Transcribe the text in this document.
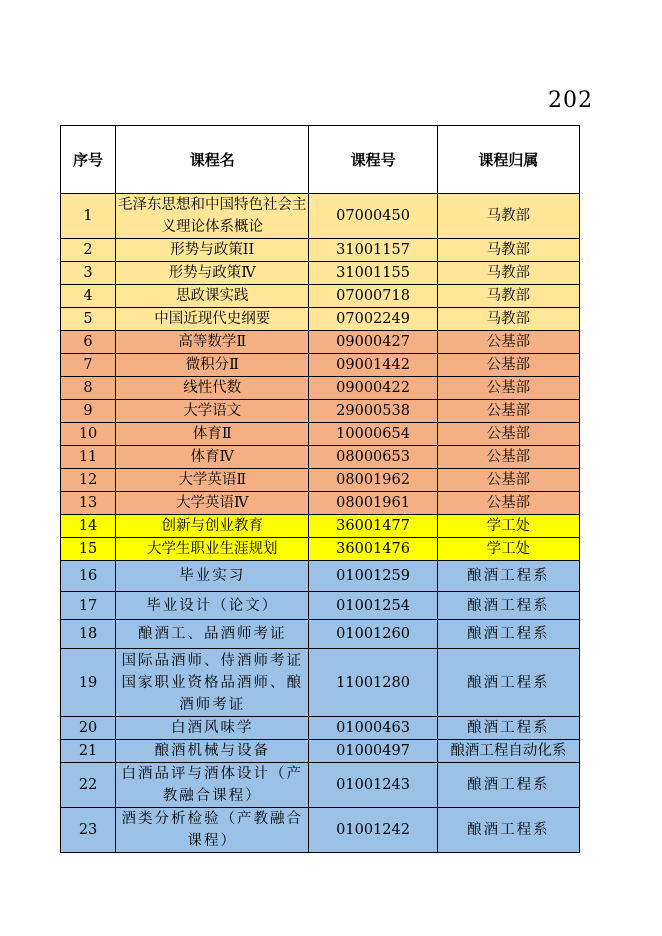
202
序号	课程名	课程号	课程归属
1	毛泽东思想和中国特色社会主义理论体系概论	07000450	马教部
2	形势与政策II	31001157	马教部
3	形势与政策Ⅳ	31001155	马教部
4	思政课实践	07000718	马教部
5	中国近现代史纲要	07002249	马教部
6	高等数学Ⅱ	09000427	公基部
7	微积分Ⅱ	09001442	公基部
8	线性代数	09000422	公基部
9	大学语文	29000538	公基部
10	体育Ⅱ	10000654	公基部
11	体育Ⅳ	08000653	公基部
12	大学英语Ⅱ	08001962	公基部
13	大学英语Ⅳ	08001961	公基部
14	创新与创业教育	36001477	学工处
15	大学生职业生涯规划	36001476	学工处
16	毕业实习	01001259	酿酒工程系
17	毕业设计（论文）	01001254	酿酒工程系
18	酿酒工、品酒师考证	01001260	酿酒工程系
19	国际品酒师、侍酒师考证国家职业资格品酒师、酿酒师考证	11001280	酿酒工程系
20	白酒风味学	01000463	酿酒工程系
21	酿酒机械与设备	01000497	酿酒工程自动化系
22	白酒品评与酒体设计（产教融合课程）	01001243	酿酒工程系
23	酒类分析检验（产教融合课程）	01001242	酿酒工程系
